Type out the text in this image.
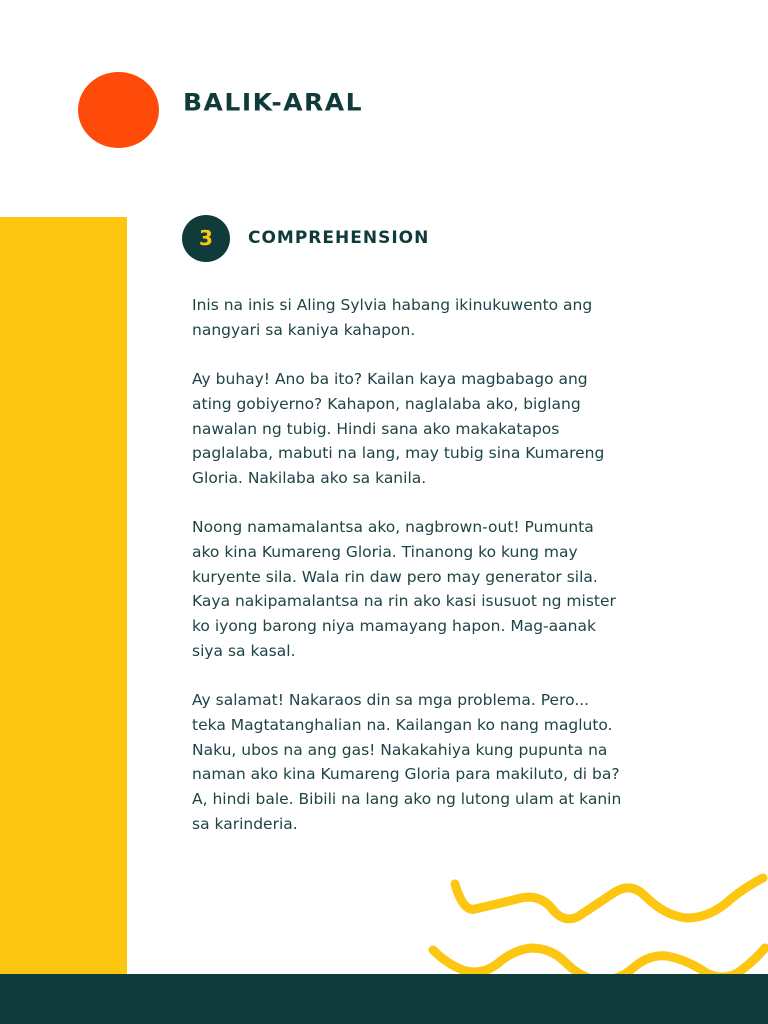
BALIK-ARAL
3	COMPREHENSION

Inis na inis si Aling Sylvia habang ikinukuwento ang nangyari sa kaniya kahapon.

Ay buhay! Ano ba ito? Kailan kaya magbabago ang ating gobiyerno? Kahapon, naglalaba ako, biglang nawalan ng tubig. Hindi sana ako makakatapos paglalaba, mabuti na lang, may tubig sina Kumareng Gloria. Nakilaba ako sa kanila.

Noong namamalantsa ako, nagbrown-out! Pumunta ako kina Kumareng Gloria. Tinanong ko kung may kuryente sila. Wala rin daw pero may generator sila. Kaya nakipamalantsa na rin ako kasi isusuot ng mister ko iyong barong niya mamayang hapon. Mag-aanak siya sa kasal.

Ay salamat! Nakaraos din sa mga problema. Pero... teka Magtatanghalian na. Kailangan ko nang magluto. Naku, ubos na ang gas! Nakakahiya kung pupunta na naman ako kina Kumareng Gloria para makiluto, di ba? A, hindi bale. Bibili na lang ako ng lutong ulam at kanin sa karinderia.
